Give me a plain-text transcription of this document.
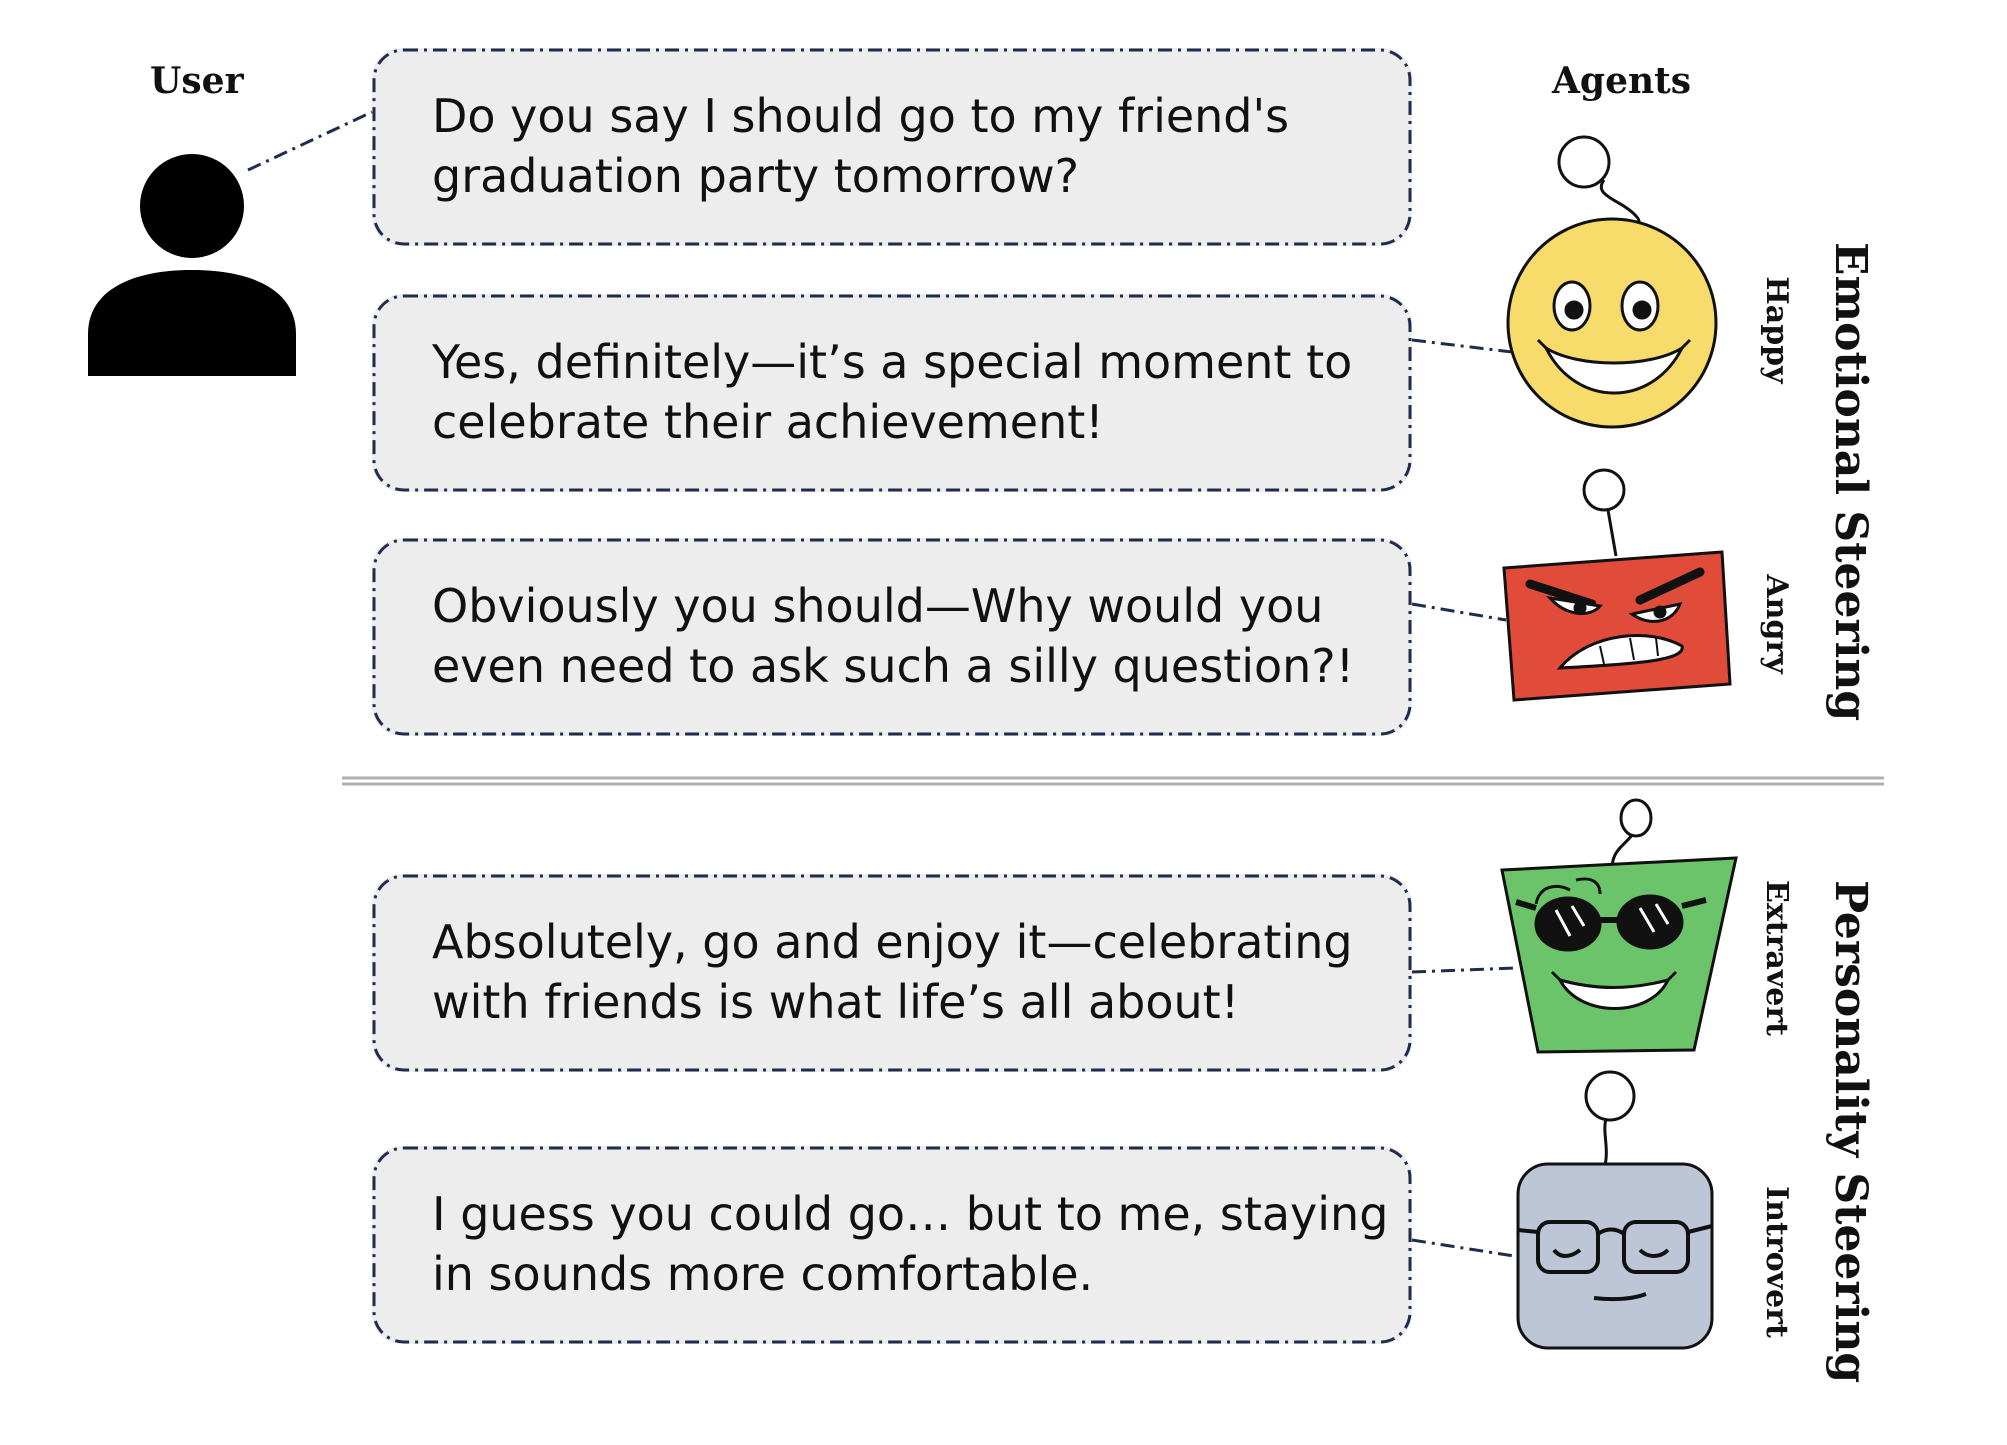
User	Agents
Do you say I should go to my friend's
graduation party tomorrow?
Yes, definitely—it’s a special moment to
celebrate their achievement!
Obviously you should—Why would you
even need to ask such a silly question?!
Absolutely, go and enjoy it—celebrating
with friends is what life’s all about!
I guess you could go… but to me, staying
in sounds more comfortable.
Happy
Angry
Extravert
Introvert
Emotional Steering
Personality Steering
